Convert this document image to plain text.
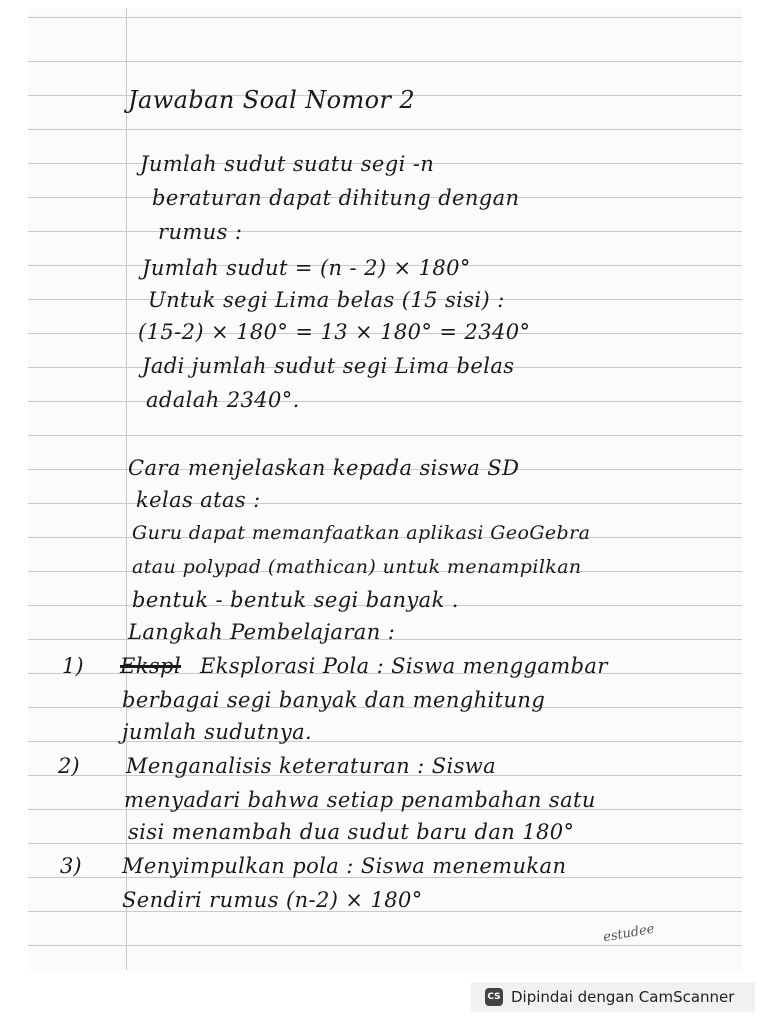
Jawaban Soal Nomor 2
Jumlah sudut suatu segi -n
beraturan dapat dihitung dengan
rumus :
Jumlah sudut = (n - 2) × 180°
Untuk segi Lima belas (15 sisi) :
(15-2) × 180° = 13 × 180° = 2340°
Jadi jumlah sudut segi Lima belas
adalah 2340°.
Cara menjelaskan kepada siswa SD
kelas atas :
Guru dapat memanfaatkan aplikasi GeoGebra
atau polypad (mathican) untuk menampilkan
bentuk - bentuk segi banyak .
Langkah Pembelajaran :
1) Ekspl Eksplorasi Pola : Siswa menggambar
berbagai segi banyak dan menghitung
jumlah sudutnya.
2) Menganalisis keteraturan : Siswa
menyadari bahwa setiap penambahan satu
sisi menambah dua sudut baru dan 180°
3) Menyimpulkan pola : Siswa menemukan
Sendiri rumus (n-2) × 180°
estudee
CS Dipindai dengan CamScanner
